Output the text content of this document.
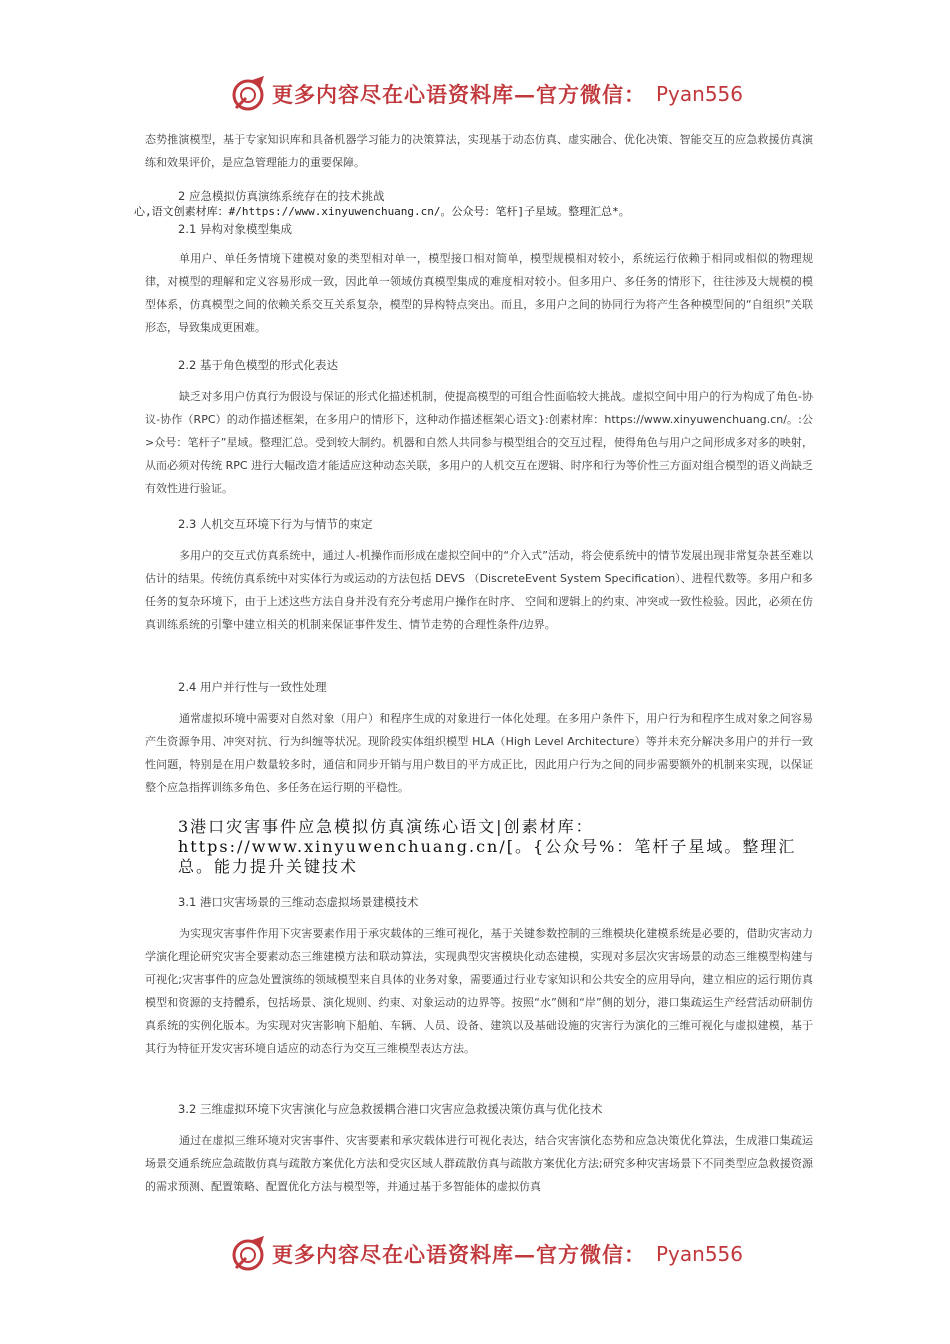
更多内容尽在心语资料库—官方微信： Pyan556

态势推演模型，基于专家知识库和具备机器学习能力的决策算法，实现基于动态仿真、虚实融合、优化决策、智能交互的应急救援仿真演练和效果评价，是应急管理能力的重要保障。

2 应急模拟仿真演练系统存在的技术挑战

心,语文创素材库：#/https://www.xinyuwenchuang.cn/。公众号：笔杆]子星域。整理汇总*。

2.1 异构对象模型集成

单用户、单任务情境下建模对象的类型相对单一，模型接口相对简单，模型规模相对较小，系统运行依赖于相同或相似的物理规律，对模型的理解和定义容易形成一致，因此单一领域仿真模型集成的难度相对较小。但多用户、多任务的情形下，往往涉及大规模的模型体系，仿真模型之间的依赖关系交互关系复杂，模型的异构特点突出。而且，多用户之间的协同行为将产生各种模型间的“自组织”关联形态，导致集成更困难。

2.2 基于角色模型的形式化表达

缺乏对多用户仿真行为假设与保证的形式化描述机制，使提高模型的可组合性面临较大挑战。虚拟空间中用户的行为构成了角色-协议-协作（RPC）的动作描述框架，在多用户的情形下，这种动作描述框架心语文}:创素材库：https://www.xinyuwenchuang.cn/。:公>众号：笔杆子”星域。整理汇总。受到较大制约。机器和自然人共同参与模型组合的交互过程，使得角色与用户之间形成多对多的映射，从而必须对传统 RPC 进行大幅改造才能适应这种动态关联，多用户的人机交互在逻辑、时序和行为等价性三方面对组合模型的语义尚缺乏有效性进行验证。

2.3 人机交互环境下行为与情节的束定

多用户的交互式仿真系统中，通过人-机操作而形成在虚拟空间中的“介入式”活动，将会使系统中的情节发展出现非常复杂甚至难以估计的结果。传统仿真系统中对实体行为或运动的方法包括 DEVS （DiscreteEvent System Specification）、进程代数等。多用户和多任务的复杂环境下，由于上述这些方法自身并没有充分考虑用户操作在时序、 空间和逻辑上的约束、冲突或一致性检验。因此，必须在仿真训练系统的引擎中建立相关的机制来保证事件发生、情节走势的合理性条件/边界。

2.4 用户并行性与一致性处理

通常虚拟环境中需要对自然对象（用户）和程序生成的对象进行一体化处理。在多用户条件下，用户行为和程序生成对象之间容易产生资源争用、冲突对抗、行为纠缠等状况。现阶段实体组织模型 HLA（High Level Architecture）等并未充分解决多用户的并行一致性问题，特别是在用户数量较多时，通信和同步开销与用户数目的平方成正比，因此用户行为之间的同步需要额外的机制来实现，以保证整个应急指挥训练多角色、多任务在运行期的平稳性。

3港口灾害事件应急模拟仿真演练心语文|创素材库：https://www.xinyuwenchuang.cn/[。{公众号%：笔杆子星域。整理汇总。能力提升关键技术

3.1 港口灾害场景的三维动态虚拟场景建模技术

为实现灾害事件作用下灾害要素作用于承灾载体的三维可视化，基于关键参数控制的三维模块化建模系统是必要的，借助灾害动力学演化理论研究灾害全要素动态三维建模方法和联动算法，实现典型灾害模块化动态建模，实现对多层次灾害场景的动态三维模型构建与可视化;灾害事件的应急处置演练的领域模型来自具体的业务对象，需要通过行业专家知识和公共安全的应用导向，建立相应的运行期仿真模型和资源的支持體系，包括场景、演化规则、约束、对象运动的边界等。按照“水”侧和“岸”侧的划分，港口集疏运生产经营活动研制仿真系统的实例化版本。为实现对灾害影响下船舶、车辆、人员、设备、建筑以及基础设施的灾害行为演化的三维可视化与虚拟建模，基于其行为特征开发灾害环境自适应的动态行为交互三维模型表达方法。

3.2 三维虚拟环境下灾害演化与应急救援耦合港口灾害应急救援决策仿真与优化技术

通过在虚拟三维环境对灾害事件、灾害要素和承灾载体进行可视化表达，结合灾害演化态势和应急决策优化算法，生成港口集疏运场景交通系统应急疏散仿真与疏散方案优化方法和受灾区域人群疏散仿真与疏散方案优化方法;研究多种灾害场景下不同类型应急救援资源的需求预测、配置策略、配置优化方法与模型等，并通过基于多智能体的虚拟仿真

更多内容尽在心语资料库—官方微信： Pyan556
